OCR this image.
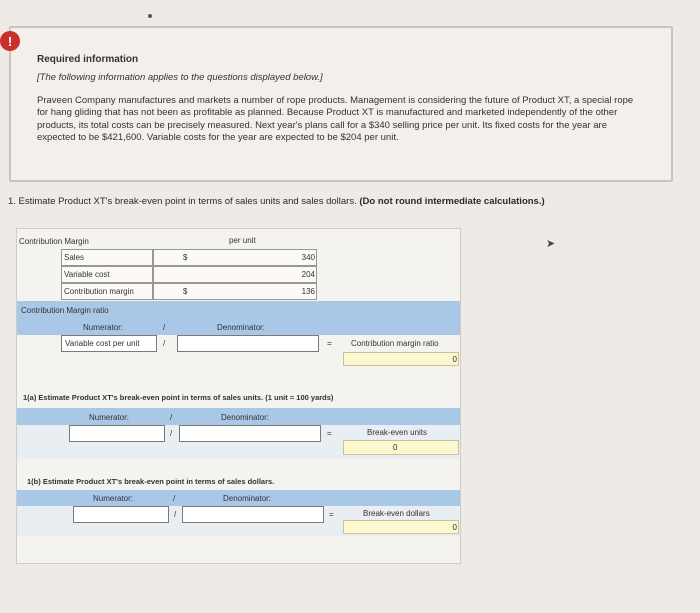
!
Required information
[The following information applies to the questions displayed below.]
Praveen Company manufactures and markets a number of rope products. Management is considering the future of Product XT, a special rope for hang gliding that has not been as profitable as planned. Because Product XT is manufactured and marketed independently of the other products, its total costs can be precisely measured. Next year's plans call for a $340 selling price per unit. Its fixed costs for the year are expected to be $421,600. Variable costs for the year are expected to be $204 per unit.
1. Estimate Product XT's break-even point in terms of sales units and sales dollars. (Do not round intermediate calculations.)
Contribution Margin	per unit
Sales	$	340
Variable cost	204
Contribution margin	$	136
Contribution Margin ratio
Numerator:	/	Denominator:
Variable cost per unit	/	= Contribution margin ratio
0
1(a) Estimate Product XT's break-even point in terms of sales units. (1 unit = 100 yards)
Numerator:	/	Denominator:
/	=	Break-even units
0
1(b) Estimate Product XT's break-even point in terms of sales dollars.
Numerator:	/	Denominator:
/	=	Break-even dollars
0
➤
